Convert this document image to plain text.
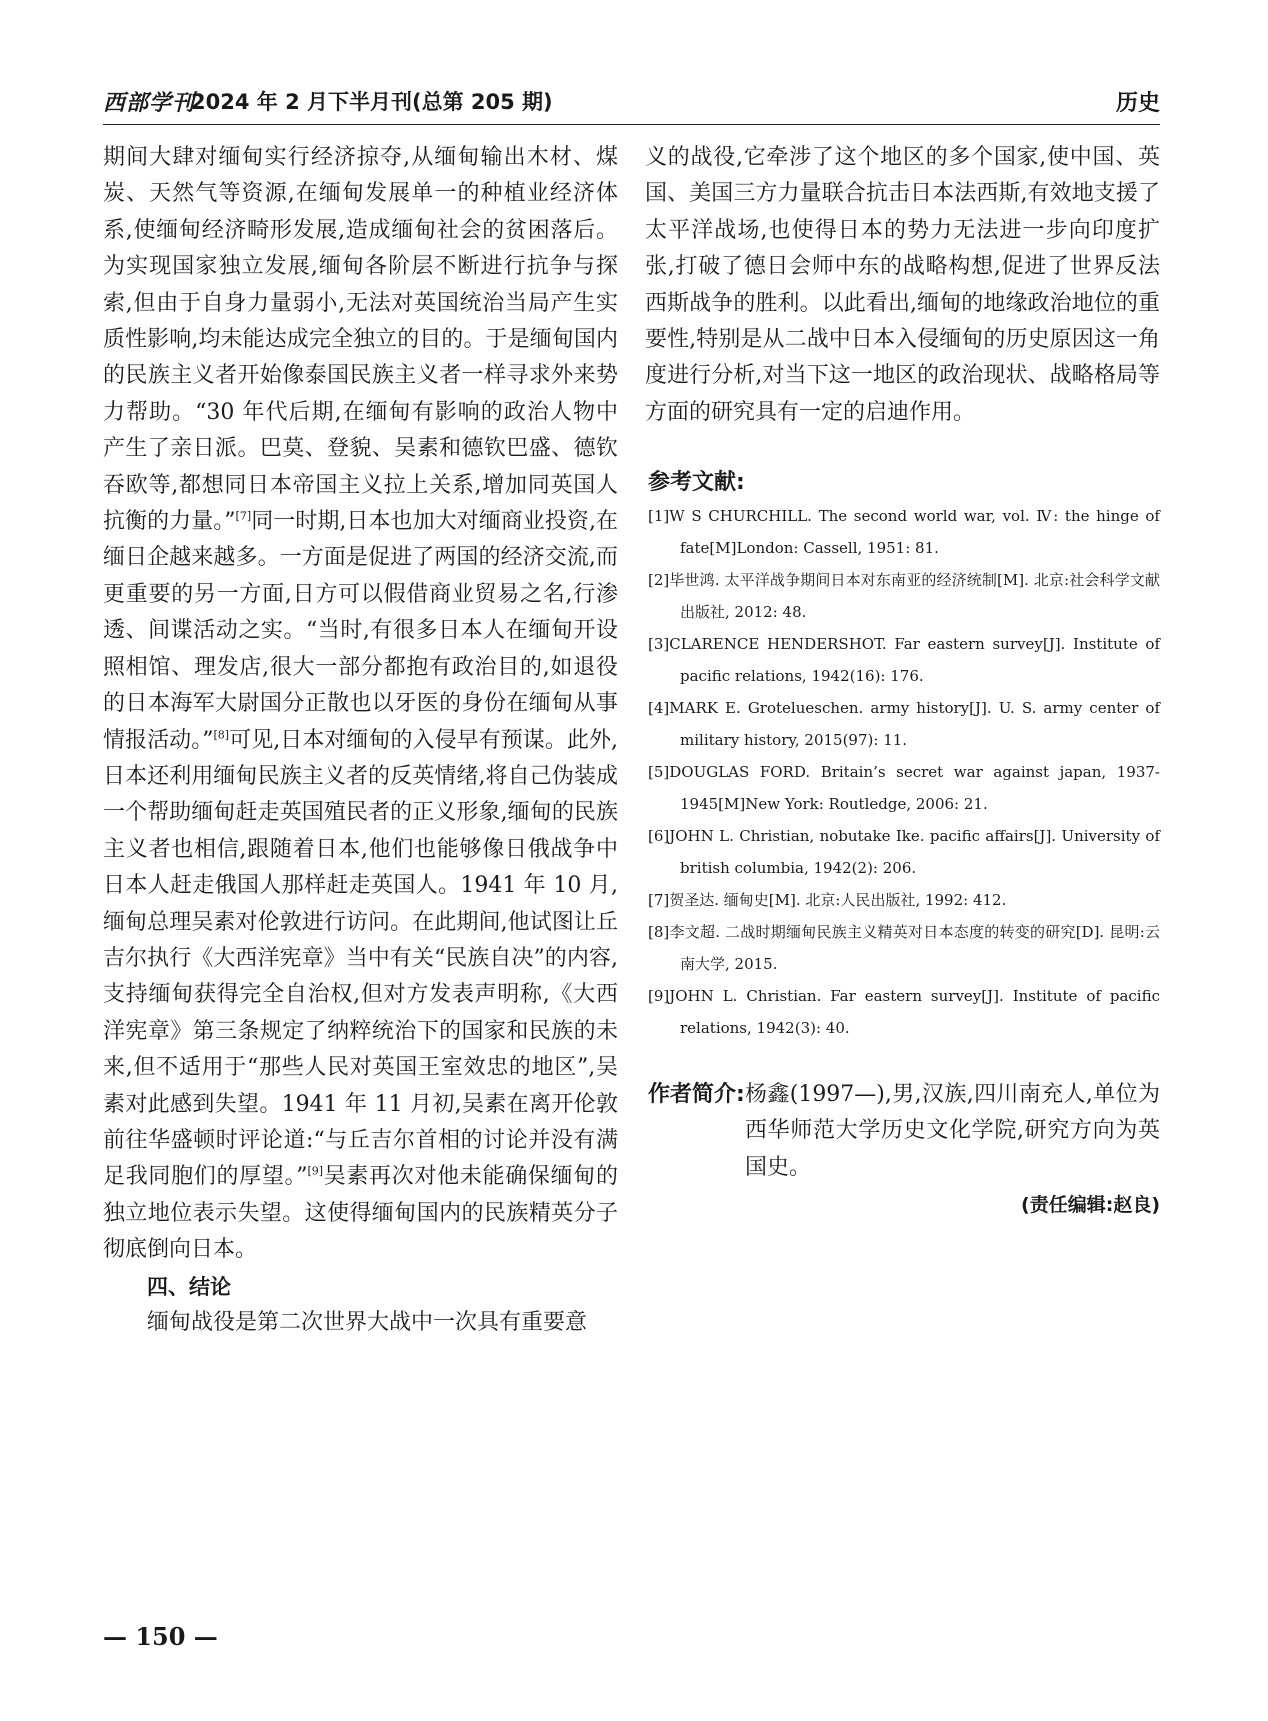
西部学刊
2024 年 2 月下半月刊(总第 205 期)	历史

期间大肆对缅甸实行经济掠夺,从缅甸输出木材、煤炭、天然气等资源,在缅甸发展单一的种植业经济体系,使缅甸经济畸形发展,造成缅甸社会的贫困落后。为实现国家独立发展,缅甸各阶层不断进行抗争与探索,但由于自身力量弱小,无法对英国统治当局产生实质性影响,均未能达成完全独立的目的。于是缅甸国内的民族主义者开始像泰国民族主义者一样寻求外来势力帮助。“30 年代后期,在缅甸有影响的政治人物中产生了亲日派。巴莫、登貌、吴素和德钦巴盛、德钦吞欧等,都想同日本帝国主义拉上关系,增加同英国人抗衡的力量。”[7]同一时期,日本也加大对缅商业投资,在缅日企越来越多。一方面是促进了两国的经济交流,而更重要的另一方面,日方可以假借商业贸易之名,行渗透、间谍活动之实。“当时,有很多日本人在缅甸开设照相馆、理发店,很大一部分都抱有政治目的,如退役的日本海军大尉国分正散也以牙医的身份在缅甸从事情报活动。”[8]可见,日本对缅甸的入侵早有预谋。此外,日本还利用缅甸民族主义者的反英情绪,将自己伪装成一个帮助缅甸赶走英国殖民者的正义形象,缅甸的民族主义者也相信,跟随着日本,他们也能够像日俄战争中日本人赶走俄国人那样赶走英国人。1941 年 10 月,缅甸总理吴素对伦敦进行访问。在此期间,他试图让丘吉尔执行《大西洋宪章》当中有关“民族自决”的内容,支持缅甸获得完全自治权,但对方发表声明称,《大西洋宪章》第三条规定了纳粹统治下的国家和民族的未来,但不适用于“那些人民对英国王室效忠的地区”,吴素对此感到失望。1941 年 11 月初,吴素在离开伦敦前往华盛顿时评论道:“与丘吉尔首相的讨论并没有满足我同胞们的厚望。”[9]吴素再次对他未能确保缅甸的独立地位表示失望。这使得缅甸国内的民族精英分子彻底倒向日本。

四、结论

缅甸战役是第二次世界大战中一次具有重要意

义的战役,它牵涉了这个地区的多个国家,使中国、英国、美国三方力量联合抗击日本法西斯,有效地支援了太平洋战场,也使得日本的势力无法进一步向印度扩张,打破了德日会师中东的战略构想,促进了世界反法西斯战争的胜利。以此看出,缅甸的地缘政治地位的重要性,特别是从二战中日本入侵缅甸的历史原因这一角度进行分析,对当下这一地区的政治现状、战略格局等方面的研究具有一定的启迪作用。

参考文献:
[1]W S CHURCHILL. The second world war, vol. Ⅳ: the hinge of fate[M]London: Cassell, 1951: 81.
[2]毕世鸿. 太平洋战争期间日本对东南亚的经济统制[M]. 北京:社会科学文献出版社, 2012: 48.
[3]CLARENCE HENDERSHOT. Far eastern survey[J]. Institute of pacific relations, 1942(16): 176.
[4]MARK E. Grotelueschen. army history[J]. U. S. army center of military history, 2015(97): 11.
[5]DOUGLAS FORD. Britain’s secret war against japan, 1937-1945[M]New York: Routledge, 2006: 21.
[6]JOHN L. Christian, nobutake Ike. pacific affairs[J]. University of british columbia, 1942(2): 206.
[7]贺圣达. 缅甸史[M]. 北京:人民出版社, 1992: 412.
[8]李文超. 二战时期缅甸民族主义精英对日本态度的转变的研究[D]. 昆明:云南大学, 2015.
[9]JOHN L. Christian. Far eastern survey[J]. Institute of pacific relations, 1942(3): 40.
作者简介: 杨鑫(1997—),男,汉族,四川南充人,单位为西华师范大学历史文化学院,研究方向为英国史。
(责任编辑:赵良)
— 150 —
